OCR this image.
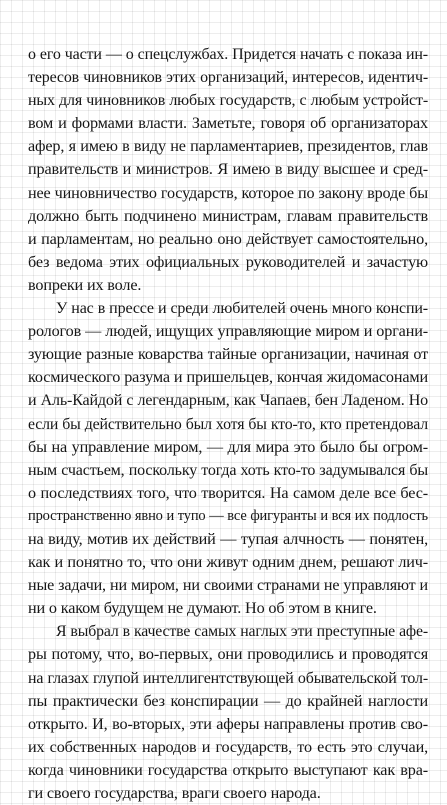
о его части — о спецслужбах. Придется начать с показа ин-
тересов чиновников этих организаций, интересов, идентич-
ных для чиновников любых государств, с любым устройст-
вом и формами власти. Заметьте, говоря об организаторах
афер, я имею в виду не парламентариев, президентов, глав
правительств и министров. Я имею в виду высшее и сред-
нее чиновничество государств, которое по закону вроде бы
должно быть подчинено министрам, главам правительств
и парламентам, но реально оно действует самостоятельно,
без ведома этих официальных руководителей и зачастую
вопреки их воле.
У нас в прессе и среди любителей очень много конспи-
рологов — людей, ищущих управляющие миром и органи-
зующие разные коварства тайные организации, начиная от
космического разума и пришельцев, кончая жидомасонами
и Аль-Кайдой с легендарным, как Чапаев, бен Ладеном. Но
если бы действительно был хотя бы кто-то, кто претендовал
бы на управление миром, — для мира это было бы огром-
ным счастьем, поскольку тогда хоть кто-то задумывался бы
о последствиях того, что творится. На самом деле все бес-
пространственно явно и тупо — все фигуранты и вся их подлость
на виду, мотив их действий — тупая алчность — понятен,
как и понятно то, что они живут одним днем, решают лич-
ные задачи, ни миром, ни своими странами не управляют и
ни о каком будущем не думают. Но об этом в книге.
Я выбрал в качестве самых наглых эти преступные афе-
ры потому, что, во-первых, они проводились и проводятся
на глазах глупой интеллигентствующей обывательской тол-
пы практически без конспирации — до крайней наглости
открыто. И, во-вторых, эти аферы направлены против сво-
их собственных народов и государств, то есть это случаи,
когда чиновники государства открыто выступают как вра-
ги своего государства, враги своего народа.
